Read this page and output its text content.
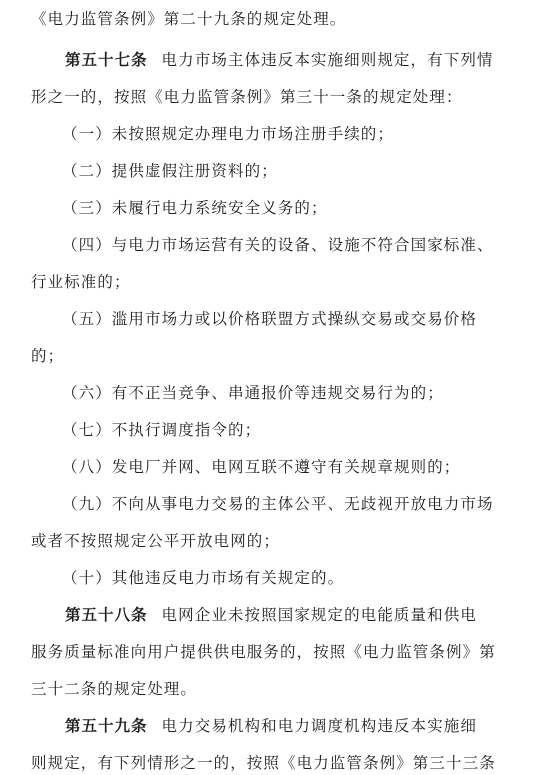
《电力监管条例》第二十九条的规定处理。
第五十七条 电力市场主体违反本实施细则规定，有下列情
形之一的，按照《电力监管条例》第三十一条的规定处理：
（一）未按照规定办理电力市场注册手续的；
（二）提供虚假注册资料的；
（三）未履行电力系统安全义务的；
（四）与电力市场运营有关的设备、设施不符合国家标准、
行业标准的；
（五）滥用市场力或以价格联盟方式操纵交易或交易价格
的；
（六）有不正当竞争、串通报价等违规交易行为的；
（七）不执行调度指令的；
（八）发电厂并网、电网互联不遵守有关规章规则的；
（九）不向从事电力交易的主体公平、无歧视开放电力市场
或者不按照规定公平开放电网的；
（十）其他违反电力市场有关规定的。
第五十八条 电网企业未按照国家规定的电能质量和供电
服务质量标准向用户提供供电服务的，按照《电力监管条例》第
三十二条的规定处理。
第五十九条 电力交易机构和电力调度机构违反本实施细
则规定，有下列情形之一的，按照《电力监管条例》第三十三条
